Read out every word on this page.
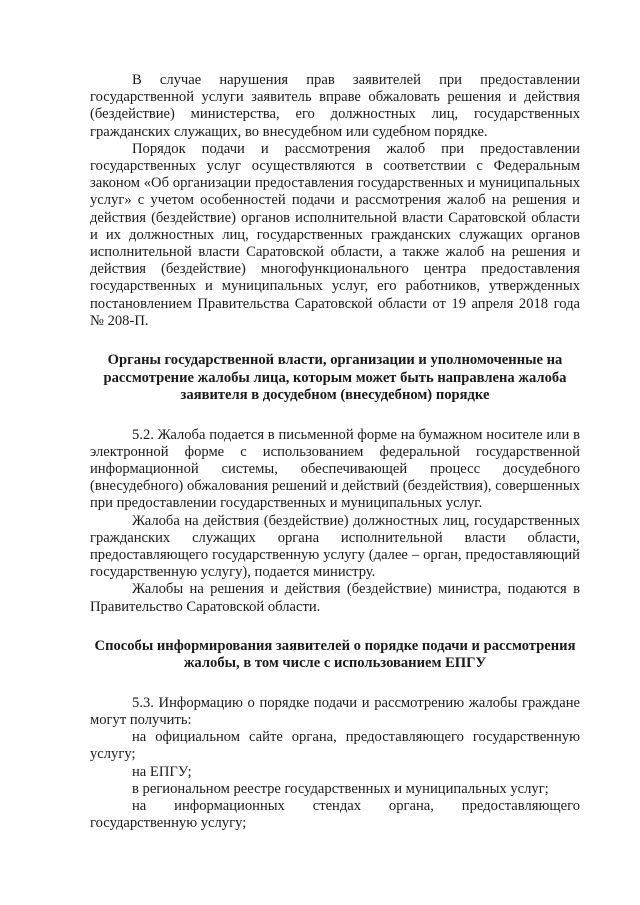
В случае нарушения прав заявителей при предоставлении государственной услуги заявитель вправе обжаловать решения и действия (бездействие) министерства, его должностных лиц, государственных гражданских служащих, во внесудебном или судебном порядке.

Порядок подачи и рассмотрения жалоб при предоставлении государственных услуг осуществляются в соответствии с Федеральным законом «Об организации предоставления государственных и муниципальных услуг» с учетом особенностей подачи и рассмотрения жалоб на решения и действия (бездействие) органов исполнительной власти Саратовской области и их должностных лиц, государственных гражданских служащих органов исполнительной власти Саратовской области, а также жалоб на решения и действия (бездействие) многофункционального центра предоставления государственных и муниципальных услуг, его работников, утвержденных постановлением Правительства Саратовской области от 19 апреля 2018 года № 208-П.

Органы государственной власти, организации и уполномоченные на рассмотрение жалобы лица, которым может быть направлена жалоба заявителя в досудебном (внесудебном) порядке

5.2. Жалоба подается в письменной форме на бумажном носителе или в электронной форме с использованием федеральной государственной информационной системы, обеспечивающей процесс досудебного (внесудебного) обжалования решений и действий (бездействия), совершенных при предоставлении государственных и муниципальных услуг.

Жалоба на действия (бездействие) должностных лиц, государственных гражданских служащих органа исполнительной власти области, предоставляющего государственную услугу (далее – орган, предоставляющий государственную услугу), подается министру.

Жалобы на решения и действия (бездействие) министра, подаются в Правительство Саратовской области.

Способы информирования заявителей о порядке подачи и рассмотрения жалобы, в том числе с использованием ЕПГУ

5.3. Информацию о порядке подачи и рассмотрению жалобы граждане могут получить:

на официальном сайте органа, предоставляющего государственную услугу;

на ЕПГУ;

в региональном реестре государственных и муниципальных услуг;

на информационных стендах органа, предоставляющего государственную услугу;
